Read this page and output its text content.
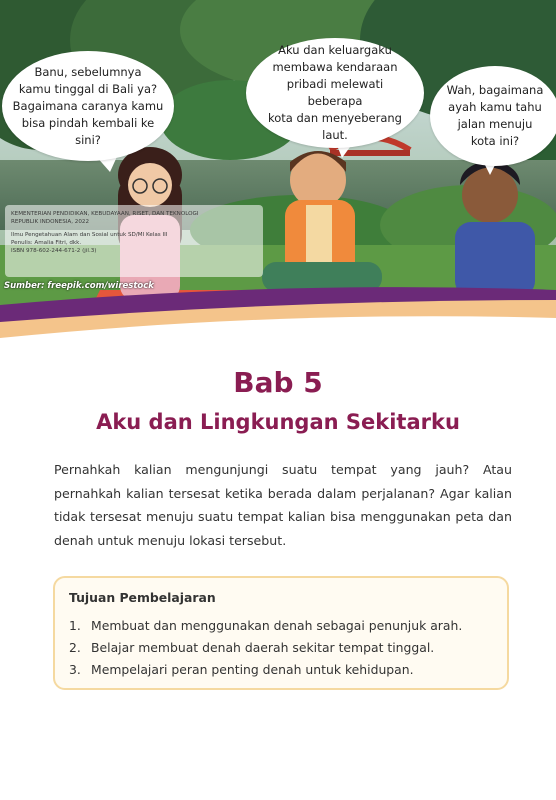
Banu, sebelumnya
kamu tinggal di Bali ya?
Bagaimana caranya kamu
bisa pindah kembali ke
sini?
Aku dan keluargaku
membawa kendaraan
pribadi melewati beberapa
kota dan menyeberang
laut.
Wah, bagaimana
ayah kamu tahu
jalan menuju
kota ini?
KEMENTERIAN PENDIDIKAN, KEBUDAYAAN, RISET, DAN TEKNOLOGI
REPUBLIK INDONESIA, 2022
Ilmu Pengetahuan Alam dan Sosial untuk SD/MI Kelas III
Penulis: Amalia Fitri, dkk.
ISBN 978-602-244-671-2 (jil.3)
Sumber: freepik.com/wirestock
Bab 5
Aku dan Lingkungan Sekitarku

Pernahkah kalian mengunjungi suatu tempat yang jauh? Atau pernahkah kalian tersesat ketika berada dalam perjalanan? Agar kalian tidak tersesat menuju suatu tempat kalian bisa menggunakan peta dan denah untuk menuju lokasi tersebut.

Tujuan Pembelajaran

1. Membuat dan menggunakan denah sebagai penunjuk arah.
2. Belajar membuat denah daerah sekitar tempat tinggal.
3. Mempelajari peran penting denah untuk kehidupan.
